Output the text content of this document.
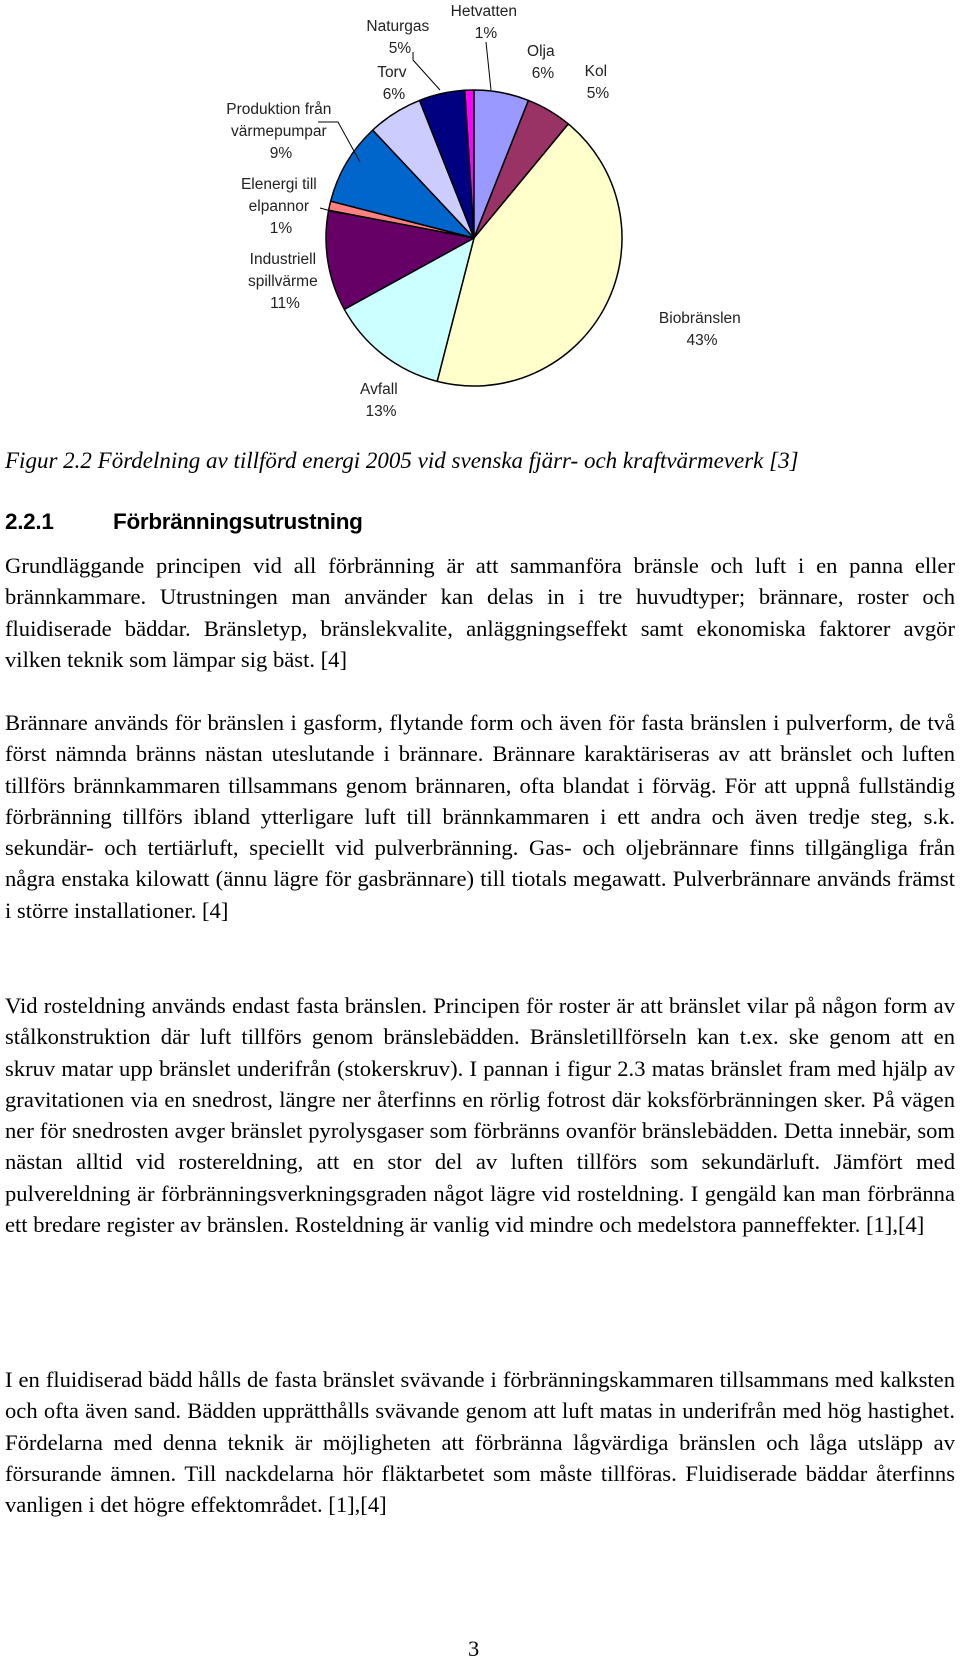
Hetvatten 1%
Naturgas 5%	Olja 6%
Torv 6%
Kol 5%
Produktion från värmepumpar 9%
Elenergi till elpannor 1%
Industriell spillvärme 11%
Biobränslen 43%
Avfall 13%
Figur 2.2 Fördelning av tillförd energi 2005 vid svenska fjärr- och kraftvärmeverk [3]
2.2.1	Förbränningsutrustning

Grundläggande principen vid all förbränning är att sammanföra bränsle och luft i en panna eller brännkammare. Utrustningen man använder kan delas in i tre huvudtyper; brännare, roster och fluidiserade bäddar. Bränsletyp, bränslekvalite, anläggningseffekt samt ekonomiska faktorer avgör vilken teknik som lämpar sig bäst. [4]

Brännare används för bränslen i gasform, flytande form och även för fasta bränslen i pulverform, de två först nämnda bränns nästan uteslutande i brännare. Brännare karaktäriseras av att bränslet och luften tillförs brännkammaren tillsammans genom brännaren, ofta blandat i förväg. För att uppnå fullständig förbränning tillförs ibland ytterligare luft till brännkammaren i ett andra och även tredje steg, s.k. sekundär- och tertiärluft, speciellt vid pulverbränning. Gas- och oljebrännare finns tillgängliga från några enstaka kilowatt (ännu lägre för gasbrännare) till tiotals megawatt. Pulverbrännare används främst i större installationer. [4]

Vid rosteldning används endast fasta bränslen. Principen för roster är att bränslet vilar på någon form av stålkonstruktion där luft tillförs genom bränslebädden. Bränsletillförseln kan t.ex. ske genom att en skruv matar upp bränslet underifrån (stokerskruv). I pannan i figur 2.3 matas bränslet fram med hjälp av gravitationen via en snedrost, längre ner återfinns en rörlig fotrost där koksförbränningen sker. På vägen ner för snedrosten avger bränslet pyrolysgaser som förbränns ovanför bränslebädden. Detta innebär, som nästan alltid vid rostereldning, att en stor del av luften tillförs som sekundärluft. Jämfört med pulvereldning är förbränningsverkningsgraden något lägre vid rosteldning. I gengäld kan man förbränna ett bredare register av bränslen. Rosteldning är vanlig vid mindre och medelstora panneffekter. [1],[4]

I en fluidiserad bädd hålls de fasta bränslet svävande i förbränningskammaren tillsammans med kalksten och ofta även sand. Bädden upprätthålls svävande genom att luft matas in underifrån med hög hastighet. Fördelarna med denna teknik är möjligheten att förbränna lågvärdiga bränslen och låga utsläpp av försurande ämnen. Till nackdelarna hör fläktarbetet som måste tillföras. Fluidiserade bäddar återfinns vanligen i det högre effektområdet. [1],[4]

3
